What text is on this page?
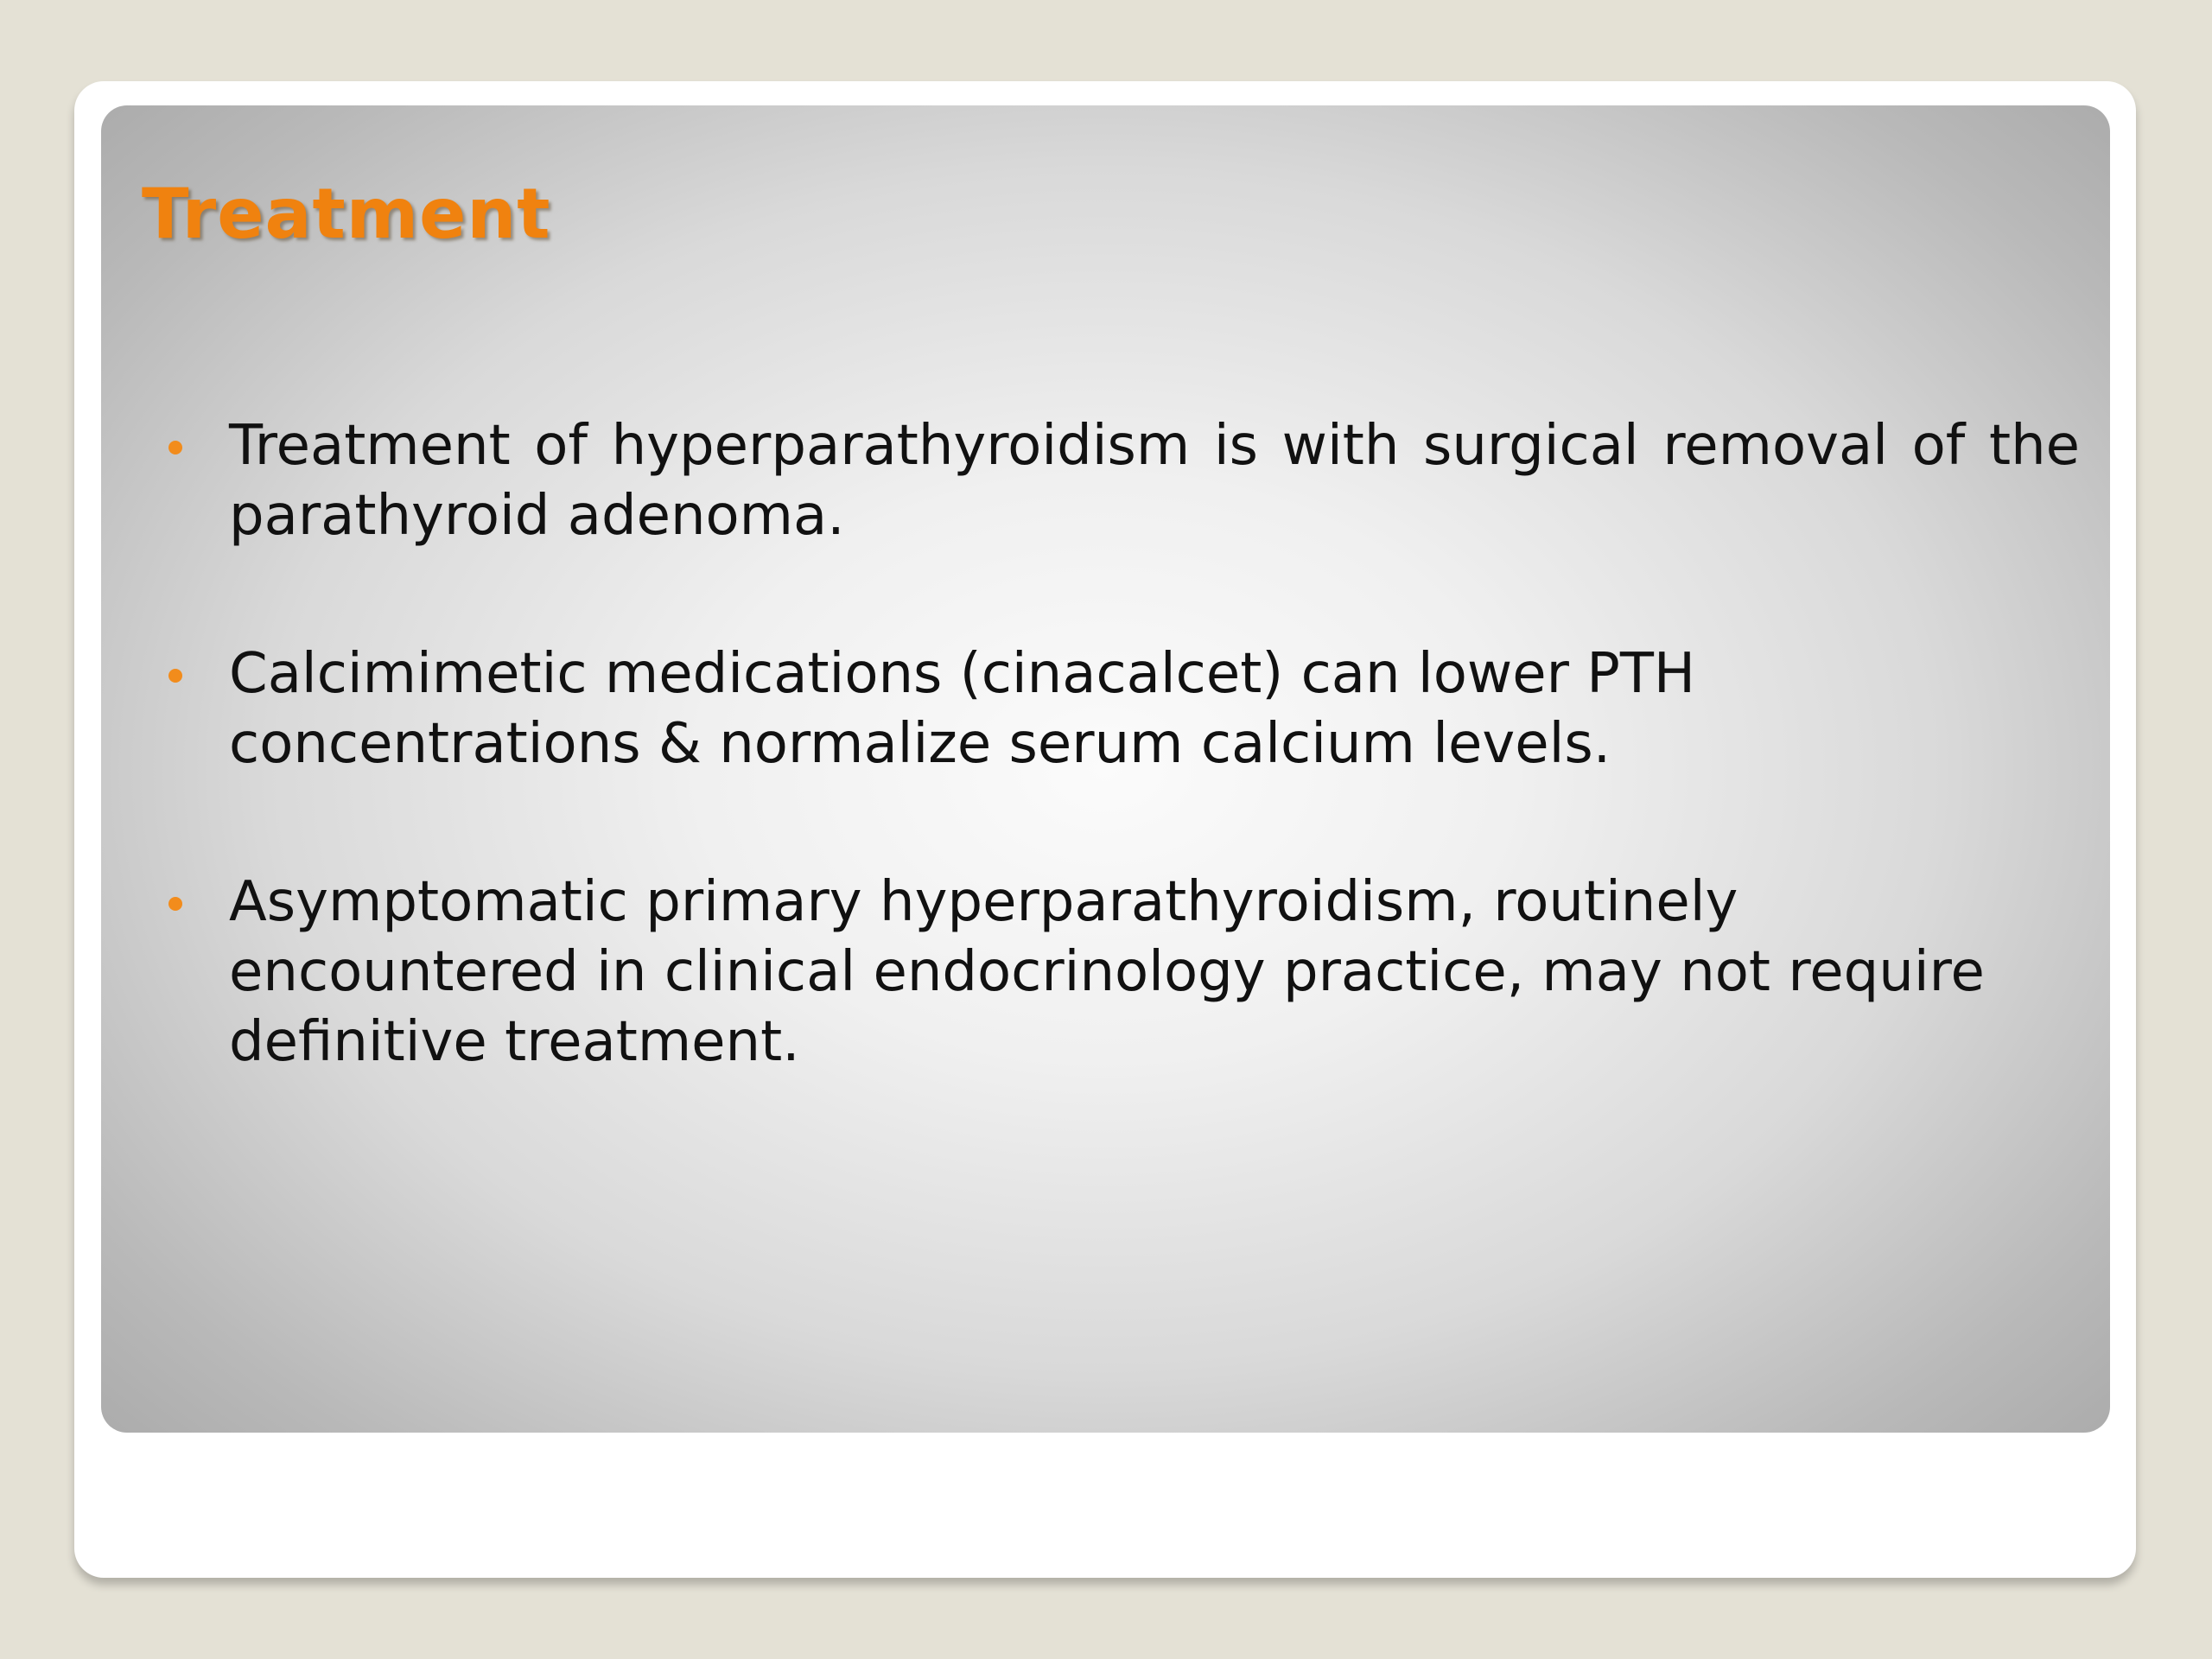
Treatment
Treatment of hyperparathyroidism is with surgical removal of the parathyroid adenoma.
Calcimimetic medications (cinacalcet) can lower PTH concentrations & normalize serum calcium levels.
Asymptomatic primary hyperparathyroidism, routinely encountered in clinical endocrinology practice, may not require definitive treatment.
